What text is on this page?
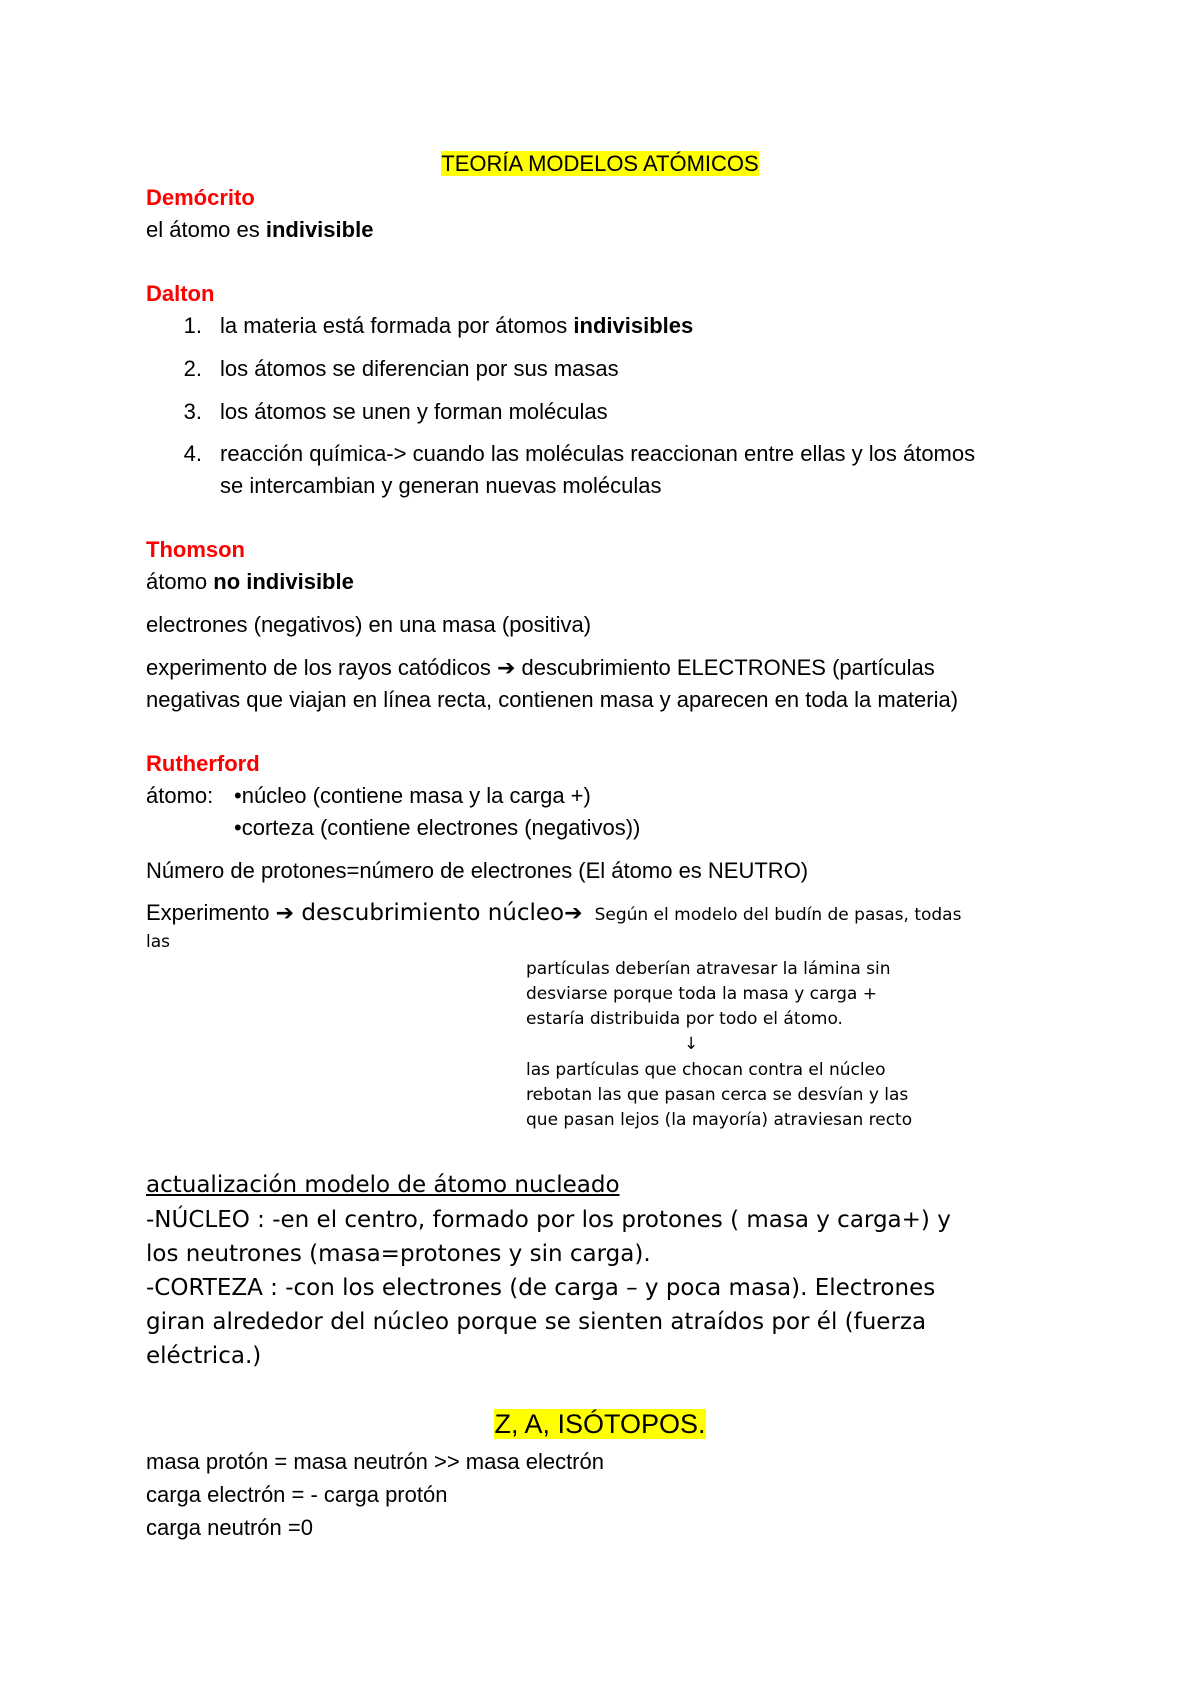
TEORÍA MODELOS ATÓMICOS
Demócrito
el átomo es indivisible
Dalton
1. la materia está formada por átomos indivisibles
2. los átomos se diferencian por sus masas
3. los átomos se unen y forman moléculas
4. reacción química-> cuando las moléculas reaccionan entre ellas y los átomos
se intercambian y generan nuevas moléculas
Thomson
átomo no indivisible
electrones (negativos) en una masa (positiva)
experimento de los rayos catódicos ➔ descubrimiento ELECTRONES (partículas
negativas que viajan en línea recta, contienen masa y aparecen en toda la materia)
Rutherford
átomo: •núcleo (contiene masa y la carga +)
•corteza (contiene electrones (negativos))
Número de protones=número de electrones (El átomo es NEUTRO)
Experimento ➔ descubrimiento núcleo➔ Según el modelo del budín de pasas, todas
las
partículas deberían atravesar la lámina sin
desviarse porque toda la masa y carga +
estaría distribuida por todo el átomo.
↓
las partículas que chocan contra el núcleo
rebotan las que pasan cerca se desvían y las
que pasan lejos (la mayoría) atraviesan recto
actualización modelo de átomo nucleado
-NÚCLEO : -en el centro, formado por los protones ( masa y carga+) y
los neutrones (masa=protones y sin carga).
-CORTEZA : -con los electrones (de carga – y poca masa). Electrones
giran alrededor del núcleo porque se sienten atraídos por él (fuerza
eléctrica.)
Z, A, ISÓTOPOS.
masa protón = masa neutrón >> masa electrón
carga electrón = - carga protón
carga neutrón =0
